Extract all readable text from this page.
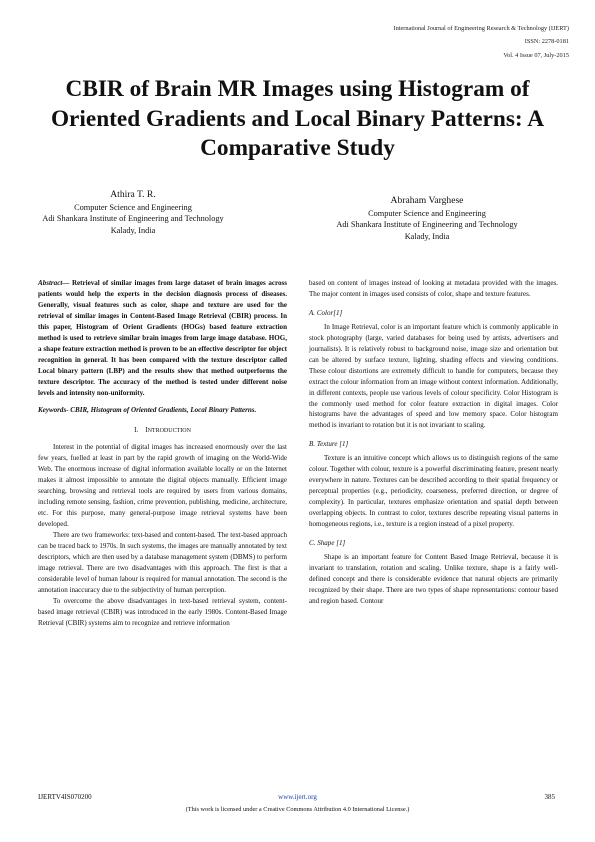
International Journal of Engineering Research & Technology (IJERT)
ISSN: 2278-0181
Vol. 4 Issue 07, July-2015
CBIR of Brain MR Images using Histogram of Oriented Gradients and Local Binary Patterns: A Comparative Study
Athira T. R.
Computer Science and Engineering
Adi Shankara Institute of Engineering and Technology
Kalady, India
Abraham Varghese
Computer Science and Engineering
Adi Shankara Institute of Engineering and Technology
Kalady, India

Abstract— Retrieval of similar images from large dataset of brain images across patients would help the experts in the decision diagnosis process of diseases. Generally, visual features such as color, shape and texture are used for the retrieval of similar images in Content-Based Image Retrieval (CBIR) process. In this paper, Histogram of Orient Gradients (HOGs) based feature extraction method is used to retrieve similar brain images from large image database. HOG, a shape feature extraction method is proven to be an effective descriptor for object recognition in general. It has been compared with the texture descriptor called Local binary pattern (LBP) and the results show that method outperforms the texture descriptor. The accuracy of the method is tested under different noise levels and intensity non-uniformity.

Keywords- CBIR, Histogram of Oriented Gradients, Local Binary Patterns.

I. INTRODUCTION

Interest in the potential of digital images has increased enormously over the last few years, fuelled at least in part by the rapid growth of imaging on the World-Wide Web. The enormous increase of digital information available locally or on the Internet makes it almost impossible to annotate the digital objects manually. Efficient image searching, browsing and retrieval tools are required by users from various domains, including remote sensing, fashion, crime prevention, publishing, medicine, architecture, etc. For this purpose, many general-purpose image retrieval systems have been developed.

There are two frameworks: text-based and content-based. The text-based approach can be traced back to 1970s. In such systems, the images are manually annotated by text descriptors, which are then used by a database management system (DBMS) to perform image retrieval. There are two disadvantages with this approach. The first is that a considerable level of human labour is required for manual annotation. The second is the annotation inaccuracy due to the subjectivity of human perception.

To overcome the above disadvantages in text-based retrieval system, content-based image retrieval (CBIR) was introduced in the early 1980s. Content-Based Image Retrieval (CBIR) systems aim to recognize and retrieve information

based on content of images instead of looking at metadata provided with the images. The major content in images used consists of color, shape and texture features.

A. Color[1]

In Image Retrieval, color is an important feature which is commonly applicable in stock photography (large, varied databases for being used by artists, advertisers and journalists). It is relatively robust to background noise, image size and orientation but can be altered by surface texture, lighting, shading effects and viewing conditions. These colour distortions are extremely difficult to handle for computers, because they extract the colour information from an image without context information. Additionally, in different contexts, people use various levels of colour specificity. Color Histogram is the commonly used method for color feature extraction in digital images. Color histograms have the advantages of speed and low memory space. Color histogram method is invariant to rotation but it is not invariant to scaling.

B. Texture [1]

Texture is an intuitive concept which allows us to distinguish regions of the same colour. Together with colour, texture is a powerful discriminating feature, present nearly everywhere in nature. Textures can be described according to their spatial frequency or perceptual properties (e.g., periodicity, coarseness, preferred direction, or degree of complexity). In particular, textures emphasize orientation and spatial depth between overlapping objects. In contrast to color, textures describe repeating visual patterns in homogeneous regions, i.e., texture is a region instead of a pixel property.

C. Shape [1]

Shape is an important feature for Content Based Image Retrieval, because it is invariant to translation, rotation and scaling. Unlike texture, shape is a fairly well-defined concept and there is considerable evidence that natural objects are primarily recognized by their shape. There are two types of shape representations: contour based and region based. Contour

IJERTV4IS070200	www.ijert.org	385
(This work is licensed under a Creative Commons Attribution 4.0 International License.)
